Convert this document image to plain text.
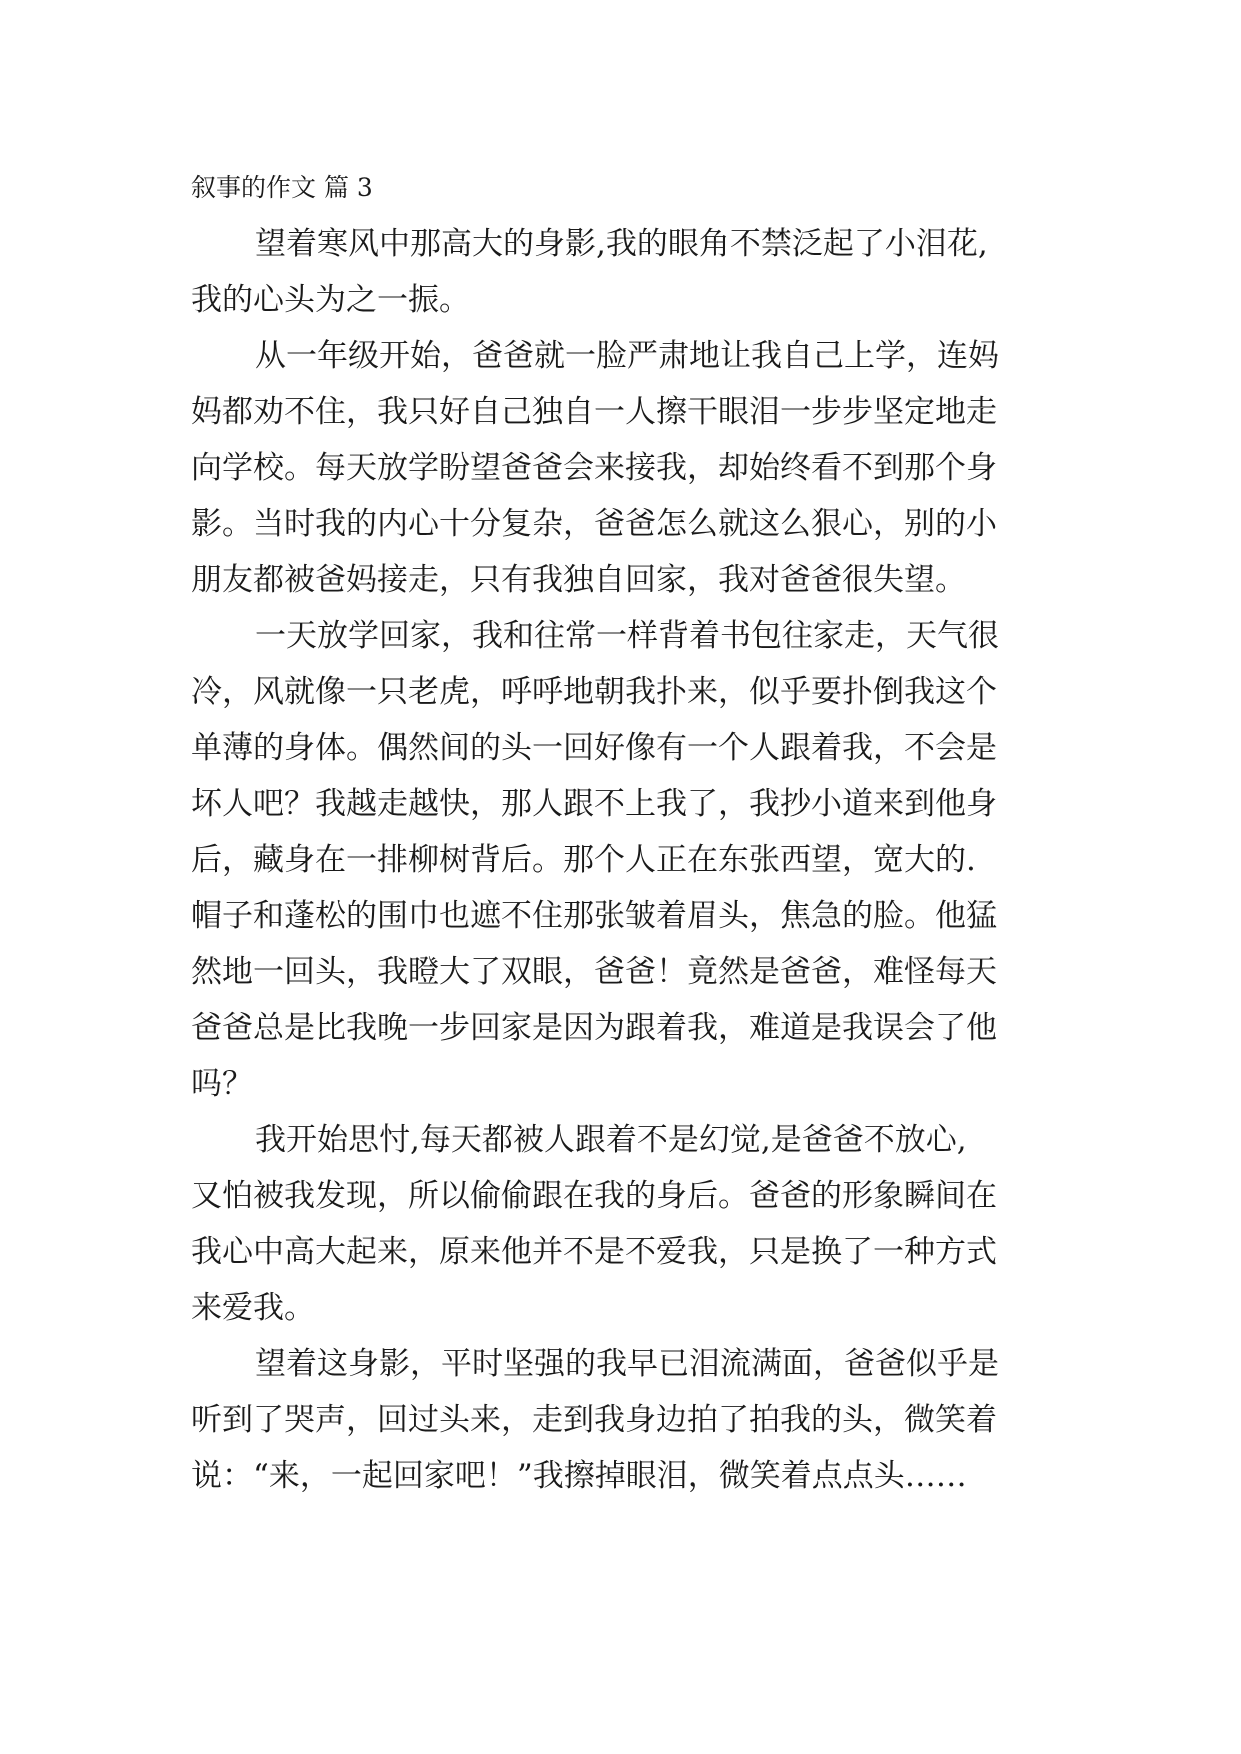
叙事的作文 篇 3
望着寒风中那高大的身影,我的眼角不禁泛起了小泪花,
我的心头为之一振。
从一年级开始，爸爸就一脸严肃地让我自己上学，连妈
妈都劝不住，我只好自己独自一人擦干眼泪一步步坚定地走
向学校。每天放学盼望爸爸会来接我，却始终看不到那个身
影。当时我的内心十分复杂，爸爸怎么就这么狠心，别的小
朋友都被爸妈接走，只有我独自回家，我对爸爸很失望。
一天放学回家，我和往常一样背着书包往家走，天气很
冷，风就像一只老虎，呼呼地朝我扑来，似乎要扑倒我这个
单薄的身体。偶然间的头一回好像有一个人跟着我，不会是
坏人吧？我越走越快，那人跟不上我了，我抄小道来到他身
后，藏身在一排柳树背后。那个人正在东张西望，宽大的.
帽子和蓬松的围巾也遮不住那张皱着眉头，焦急的脸。他猛
然地一回头，我瞪大了双眼，爸爸！竟然是爸爸，难怪每天
爸爸总是比我晚一步回家是因为跟着我，难道是我误会了他
吗？
我开始思忖,每天都被人跟着不是幻觉,是爸爸不放心,
又怕被我发现，所以偷偷跟在我的身后。爸爸的形象瞬间在
我心中高大起来，原来他并不是不爱我，只是换了一种方式
来爱我。
望着这身影，平时坚强的我早已泪流满面，爸爸似乎是
听到了哭声，回过头来，走到我身边拍了拍我的头，微笑着
说：“来，一起回家吧！”我擦掉眼泪，微笑着点点头……
